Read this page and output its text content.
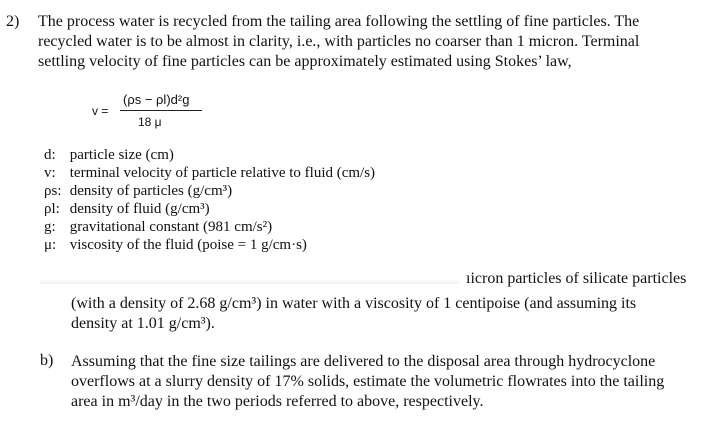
2) The process water is recycled from the tailing area following the settling of fine particles. The
recycled water is to be almost in clarity, i.e., with particles no coarser than 1 micron. Terminal
settling velocity of fine particles can be approximately estimated using Stokes’ law,
v =
(ρs − ρl)d²g
18 μ
d: particle size (cm)
v: terminal velocity of particle relative to fluid (cm/s)
ρs: density of particles (g/cm³)
ρl: density of fluid (g/cm³)
g: gravitational constant (981 cm/s²)
μ: viscosity of the fluid (poise = 1 g/cm·s)
ıicron particles of silicate particles
(with a density of 2.68 g/cm³) in water with a viscosity of 1 centipoise (and assuming its
density at 1.01 g/cm³).
b) Assuming that the fine size tailings are delivered to the disposal area through hydrocyclone
overflows at a slurry density of 17% solids, estimate the volumetric flowrates into the tailing
area in m³/day in the two periods referred to above, respectively.
